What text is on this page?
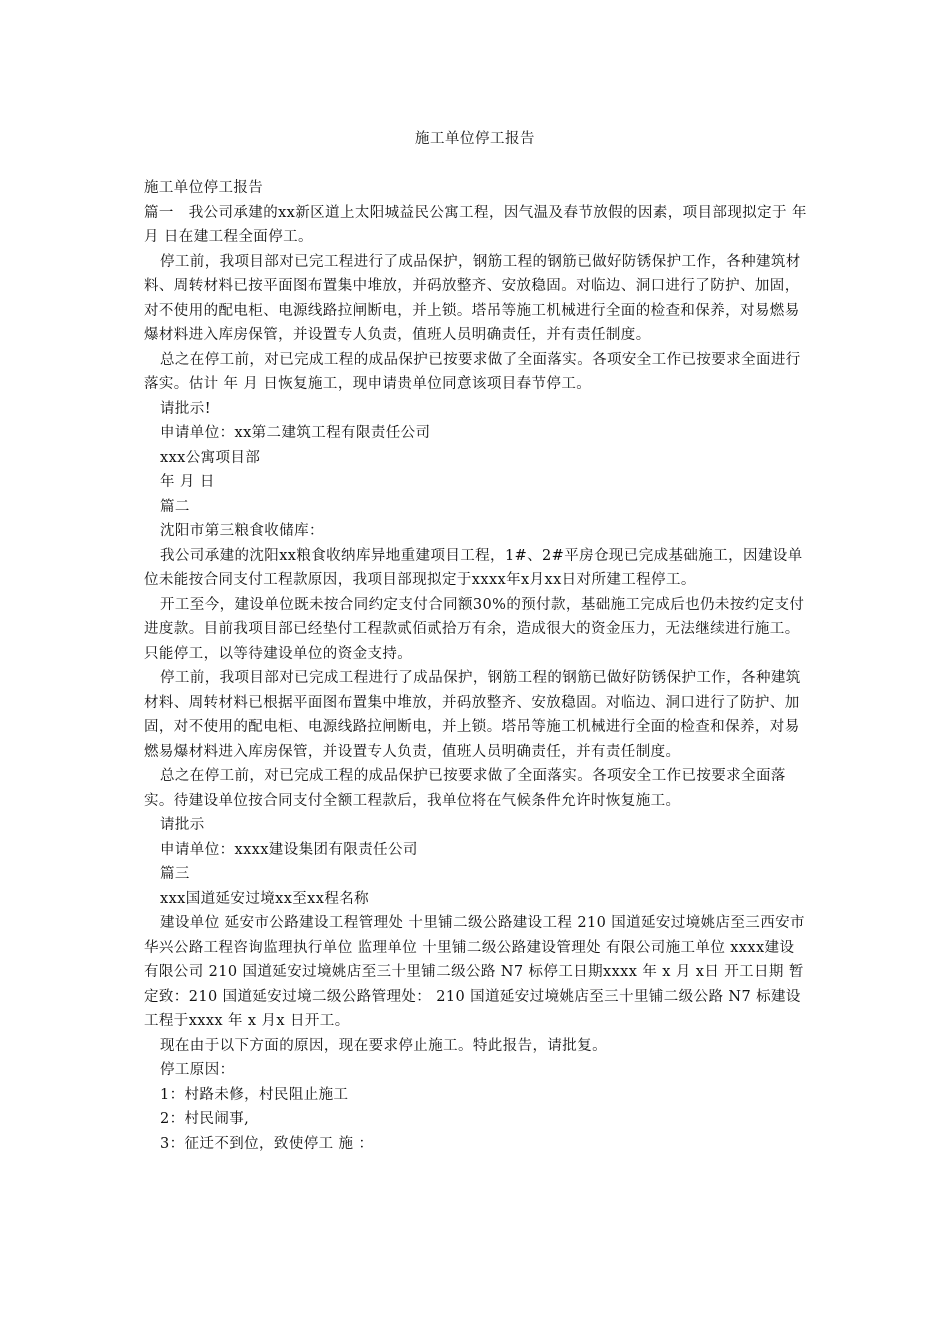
施工单位停工报告

施工单位停工报告

篇一　我公司承建的xx新区道上太阳城益民公寓工程，因气温及春节放假的因素，项目部现拟定于 年 月 日在建工程全面停工。

停工前，我项目部对已完工程进行了成品保护，钢筋工程的钢筋已做好防锈保护工作，各种建筑材料、周转材料已按平面图布置集中堆放，并码放整齐、安放稳固。对临边、洞口进行了防护、加固，对不使用的配电柜、电源线路拉闸断电，并上锁。塔吊等施工机械进行全面的检查和保养，对易燃易爆材料进入库房保管，并设置专人负责，值班人员明确责任，并有责任制度。

总之在停工前，对已完成工程的成品保护已按要求做了全面落实。各项安全工作已按要求全面进行落实。估计 年 月 日恢复施工，现申请贵单位同意该项目春节停工。

请批示!

申请单位：xx第二建筑工程有限责任公司

xxx公寓项目部

年 月 日

篇二

沈阳市第三粮食收储库：

我公司承建的沈阳xx粮食收纳库异地重建项目工程，1#、2#平房仓现已完成基础施工，因建设单位未能按合同支付工程款原因，我项目部现拟定于xxxx年x月xx日对所建工程停工。

开工至今，建设单位既未按合同约定支付合同额30%的预付款，基础施工完成后也仍未按约定支付进度款。目前我项目部已经垫付工程款贰佰贰拾万有余，造成很大的资金压力，无法继续进行施工。只能停工，以等待建设单位的资金支持。

停工前，我项目部对已完成工程进行了成品保护，钢筋工程的钢筋已做好防锈保护工作，各种建筑材料、周转材料已根据平面图布置集中堆放，并码放整齐、安放稳固。对临边、洞口进行了防护、加固，对不使用的配电柜、电源线路拉闸断电，并上锁。塔吊等施工机械进行全面的检查和保养，对易燃易爆材料进入库房保管，并设置专人负责，值班人员明确责任，并有责任制度。

总之在停工前，对已完成工程的成品保护已按要求做了全面落实。各项安全工作已按要求全面落实。待建设单位按合同支付全额工程款后，我单位将在气候条件允许时恢复施工。

请批示

申请单位：xxxx建设集团有限责任公司

篇三

xxx国道延安过境xx至xx程名称

建设单位 延安市公路建设工程管理处 十里铺二级公路建设工程 210 国道延安过境姚店至三西安市华兴公路工程咨询监理执行单位 监理单位 十里铺二级公路建设管理处 有限公司施工单位 xxxx建设有限公司 210 国道延安过境姚店至三十里铺二级公路 N7 标停工日期xxxx 年 x 月 x日 开工日期 暂定致：210 国道延安过境二级公路管理处： 210 国道延安过境姚店至三十里铺二级公路 N7 标建设工程于xxxx 年 x 月x 日开工。

现在由于以下方面的原因，现在要求停止施工。特此报告，请批复。

停工原因：

1：村路未修，村民阻止施工

2：村民闹事,

3：征迁不到位，致使停工 施 ：
